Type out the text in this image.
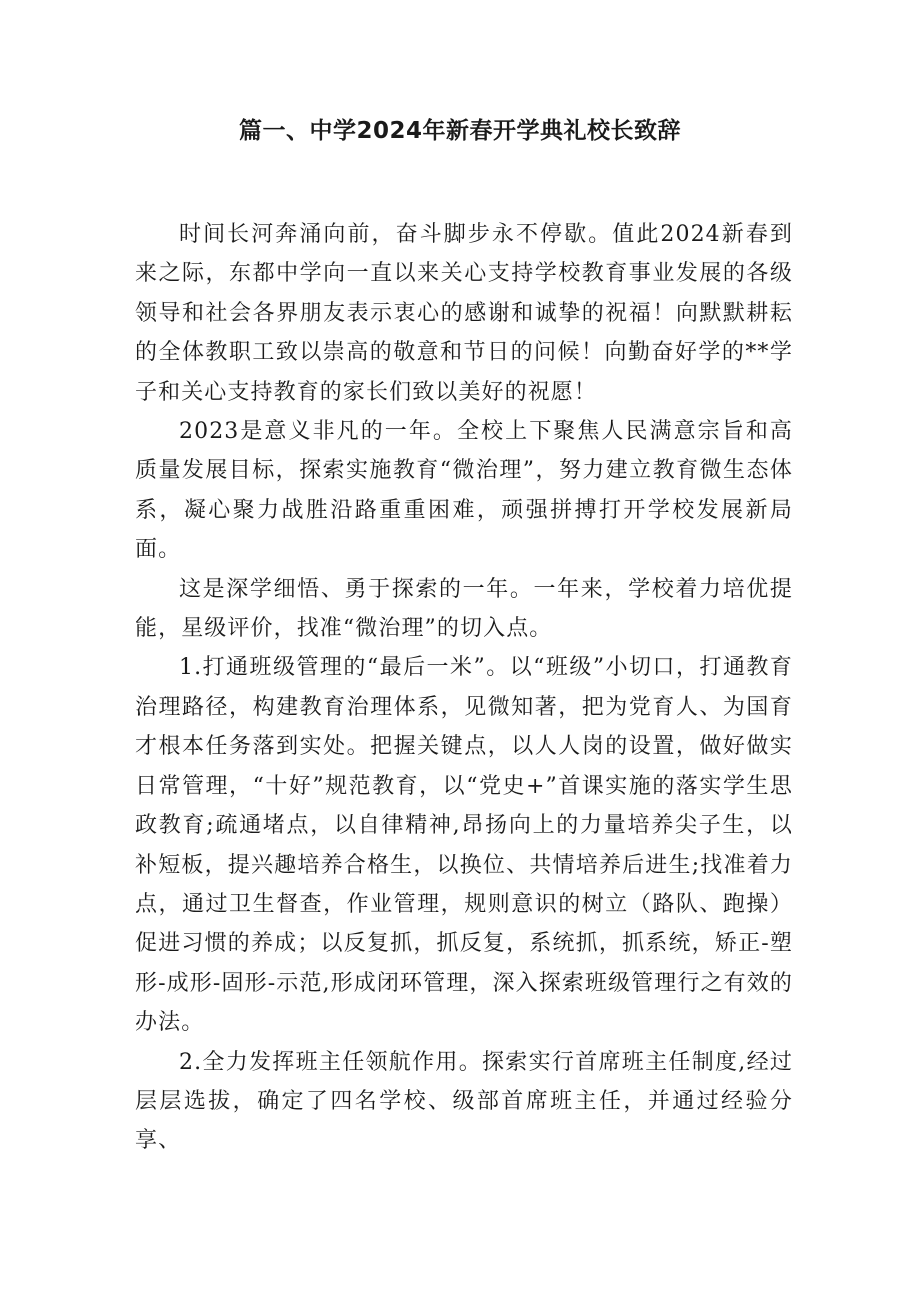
篇一、中学2024年新春开学典礼校长致辞

时间长河奔涌向前，奋斗脚步永不停歇。值此2024新春到来之际，东都中学向一直以来关心支持学校教育事业发展的各级领导和社会各界朋友表示衷心的感谢和诚挚的祝福！向默默耕耘的全体教职工致以崇高的敬意和节日的问候！向勤奋好学的**学子和关心支持教育的家长们致以美好的祝愿！

2023是意义非凡的一年。全校上下聚焦人民满意宗旨和高质量发展目标，探索实施教育“微治理”，努力建立教育微生态体系，凝心聚力战胜沿路重重困难，顽强拼搏打开学校发展新局面。

这是深学细悟、勇于探索的一年。一年来，学校着力培优提能，星级评价，找准“微治理”的切入点。

1.打通班级管理的“最后一米”。以“班级”小切口，打通教育治理路径，构建教育治理体系，见微知著，把为党育人、为国育才根本任务落到实处。把握关键点，以人人岗的设置，做好做实日常管理，“十好”规范教育，以“党史+”首课实施的落实学生思政教育;疏通堵点，以自律精神,昂扬向上的力量培养尖子生，以补短板，提兴趣培养合格生，以换位、共情培养后进生;找准着力点，通过卫生督查，作业管理，规则意识的树立（路队、跑操）促进习惯的养成；以反复抓，抓反复，系统抓，抓系统，矫正-塑形-成形-固形-示范,形成闭环管理，深入探索班级管理行之有效的办法。

2.全力发挥班主任领航作用。探索实行首席班主任制度,经过层层选拔，确定了四名学校、级部首席班主任，并通过经验分享、
